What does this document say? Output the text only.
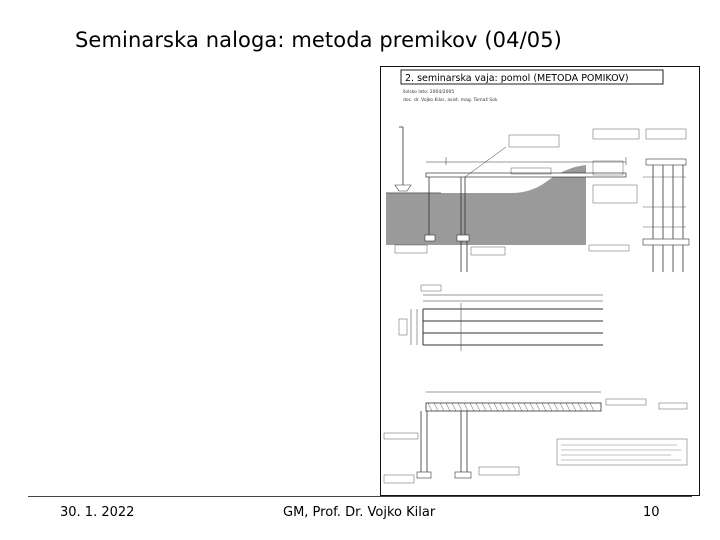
Seminarska naloga: metoda premikov (04/05)
2. seminarska vaja: pomol (METODA POMIKOV)
šolsko leto: 2004/2005
doc. dr. Vojko Kilar, asist. mag. Tomaž Sok
30. 1. 2022	GM, Prof. Dr. Vojko Kilar	10
